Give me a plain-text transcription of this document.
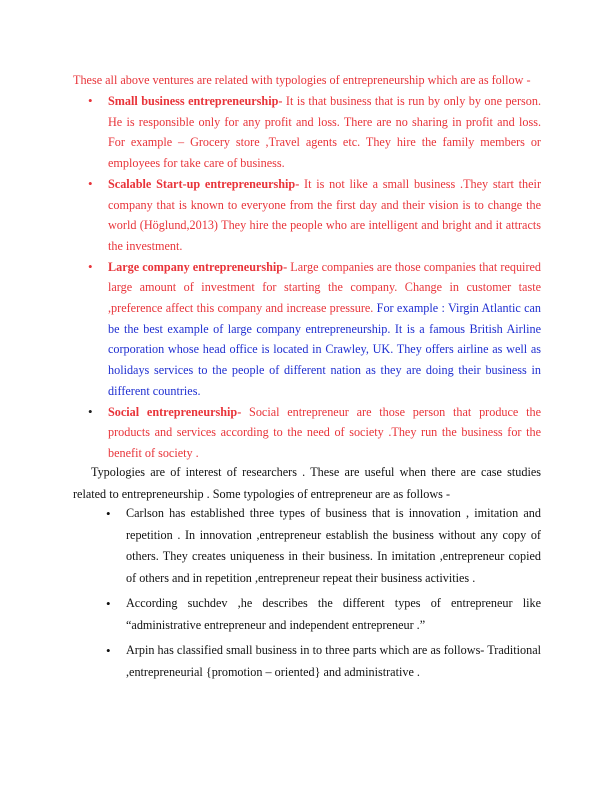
These all above ventures are related with typologies of entrepreneurship which are as follow -
• Small business entrepreneurship- It is that business that is run by only by one person. He is responsible only for any profit and loss. There are no sharing in profit and loss. For example – Grocery store ,Travel agents etc. They hire the family members or employees for take care of business.
• Scalable Start-up entrepreneurship- It is not like a small business .They start their company that is known to everyone from the first day and their vision is to change the world (Höglund,2013) They hire the people who are intelligent and bright and it attracts the investment.
• Large company entrepreneurship- Large companies are those companies that required large amount of investment for starting the company. Change in customer taste ,preference affect this company and increase pressure. For example : Virgin Atlantic can be the best example of large company entrepreneurship. It is a famous British Airline corporation whose head office is located in Crawley, UK. They offers airline as well as holidays services to the people of different nation as they are doing their business in different countries.
• Social entrepreneurship- Social entrepreneur are those person that produce the products and services according to the need of society .They run the business for the benefit of society .
Typologies are of interest of researchers . These are useful when there are case studies related to entrepreneurship . Some typologies of entrepreneur are as follows -
• Carlson has established three types of business that is innovation , imitation and repetition . In innovation ,entrepreneur establish the business without any copy of others. They creates uniqueness in their business. In imitation ,entrepreneur copied of others and in repetition ,entrepreneur repeat their business activities .
• According suchdev ,he describes the different types of entrepreneur like “administrative entrepreneur and independent entrepreneur .”
• Arpin has classified small business in to three parts which are as follows- Traditional ,entrepreneurial {promotion – oriented} and administrative .
